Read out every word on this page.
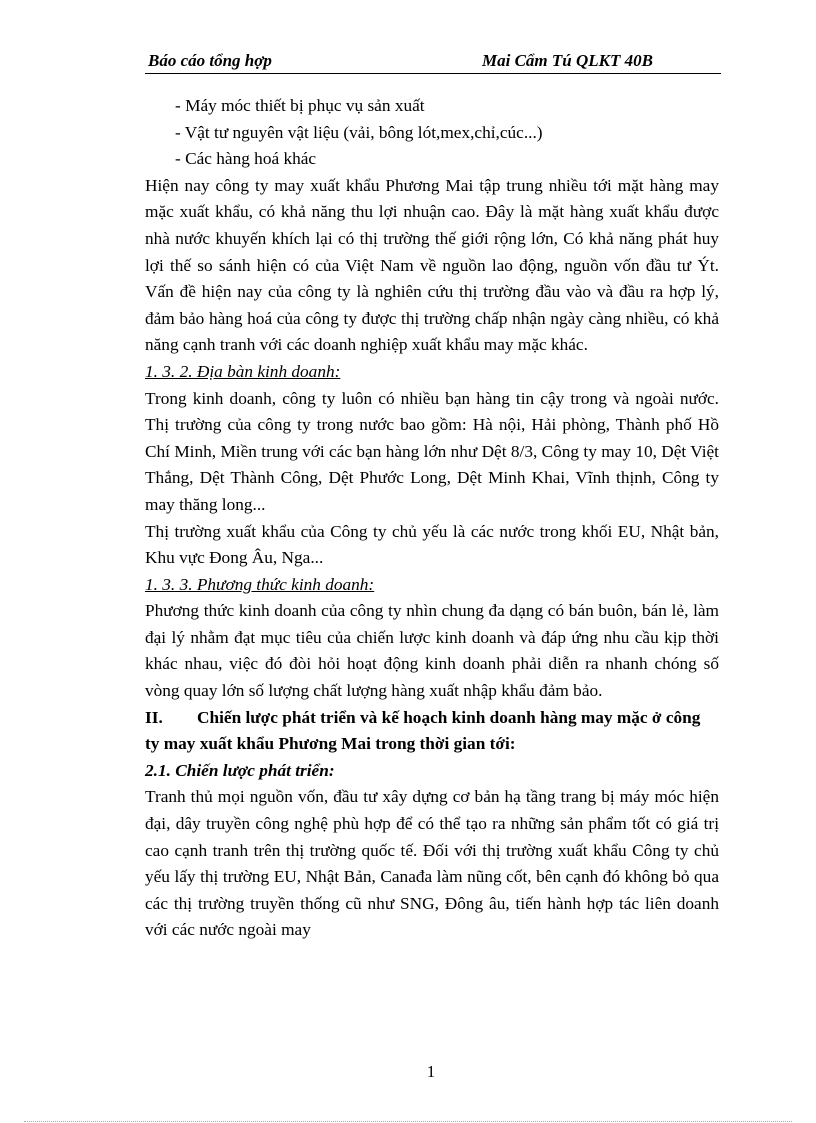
Báo cáo tổng hợp	Mai Cẩm Tú QLKT 40B

- Máy móc thiết bị phục vụ sản xuất

- Vật tư nguyên vật liệu (vải, bông lót,mex,chỉ,cúc...)

- Các hàng hoá khác

Hiện nay công ty may xuất khẩu Phương Mai tập trung nhiều tới mặt hàng may mặc xuất khẩu, có khả năng thu lợi nhuận cao. Đây là mặt hàng xuất khẩu được nhà nước khuyến khích lại có thị trường thế giới rộng lớn, Có khả năng phát huy lợi thế so sánh hiện có của Việt Nam về nguồn lao động, nguồn vốn đầu tư Ýt. Vấn đề hiện nay của công ty là nghiên cứu thị trường đầu vào và đầu ra hợp lý, đảm bảo hàng hoá của công ty được thị trường chấp nhận ngày càng nhiều, có khả năng cạnh tranh với các doanh nghiệp xuất khẩu may mặc khác.

1. 3. 2. Địa bàn kinh doanh:

Trong kinh doanh, công ty luôn có nhiều bạn hàng tin cậy trong và ngoài nước. Thị trường của công ty trong nước bao gồm: Hà nội, Hải phòng, Thành phố Hồ Chí Minh, Miền trung với các bạn hàng lớn như Dệt 8/3, Công ty may 10, Dệt Việt Thắng, Dệt Thành Công, Dệt Phước Long, Dệt Minh Khai, Vĩnh thịnh, Công ty may thăng long...

Thị trường xuất khẩu của Công ty chủ yếu là các nước trong khối EU, Nhật bản, Khu vực Đong Âu, Nga...

1. 3. 3. Phương thức kinh doanh:

Phương thức kinh doanh của công ty nhìn chung đa dạng có bán buôn, bán lẻ, làm đại lý nhằm đạt mục tiêu của chiến lược kinh doanh và đáp ứng nhu cầu kịp thời khác nhau, việc đó đòi hỏi hoạt động kinh doanh phải diễn ra nhanh chóng số vòng quay lớn số lượng chất lượng hàng xuất nhập khẩu đảm bảo.

II. Chiến lược phát triển và kế hoạch kinh doanh hàng may mặc ở công ty may xuất khẩu Phương Mai trong thời gian tới:

2.1. Chiến lược phát triển:

Tranh thủ mọi nguồn vốn, đầu tư xây dựng cơ bản hạ tầng trang bị máy móc hiện đại, dây truyền công nghệ phù hợp để có thể tạo ra những sản phẩm tốt có giá trị cao cạnh tranh trên thị trường quốc tế. Đối với thị trường xuất khẩu Công ty chủ yếu lấy thị trường EU, Nhật Bản, Canađa làm nũng cốt, bên cạnh đó không bỏ qua các thị trường truyền thống cũ như SNG, Đông âu, tiến hành hợp tác liên doanh với các nước ngoài may

1
